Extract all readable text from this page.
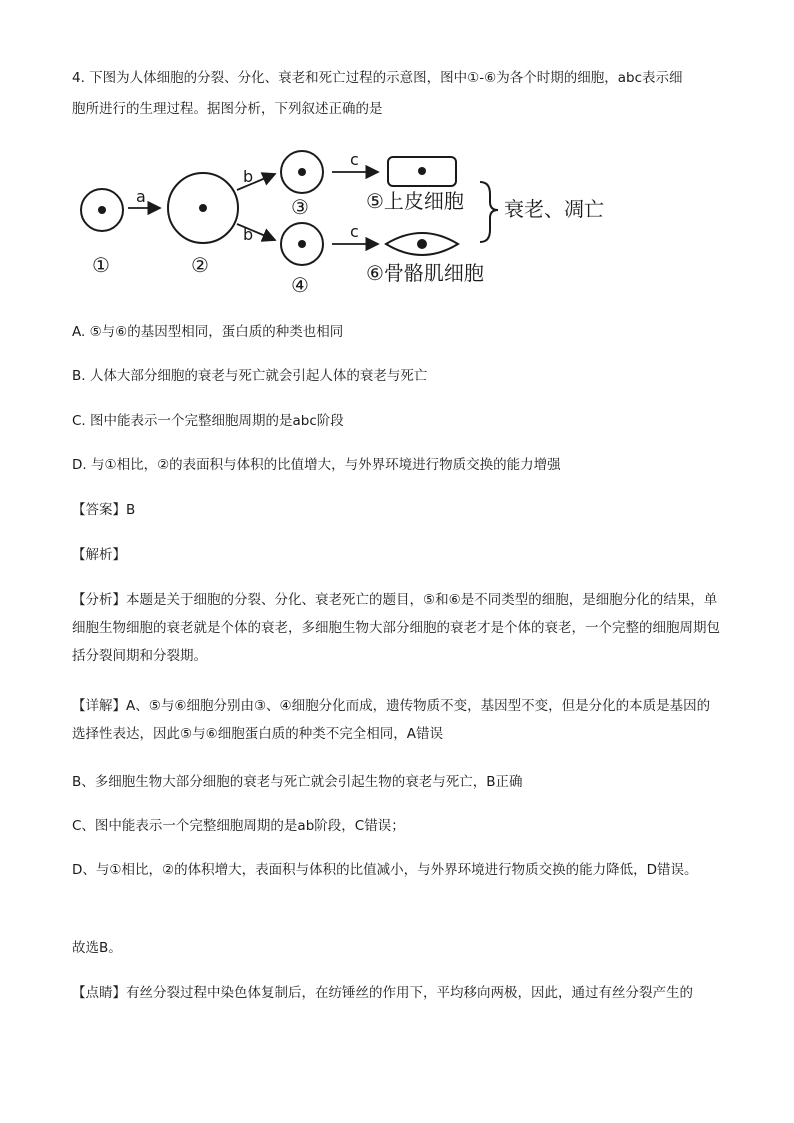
4. 下图为人体细胞的分裂、分化、衰老和死亡过程的示意图，图中①-⑥为各个时期的细胞，abc表示细
胞所进行的生理过程。据图分析，下列叙述正确的是
①
a
②
b
b
③
④
c
c
⑤上皮细胞
⑥骨骼肌细胞
衰老、凋亡
A. ⑤与⑥的基因型相同，蛋白质的种类也相同
B. 人体大部分细胞的衰老与死亡就会引起人体的衰老与死亡
C. 图中能表示一个完整细胞周期的是abc阶段
D. 与①相比，②的表面积与体积的比值增大，与外界环境进行物质交换的能力增强
【答案】B
【解析】
【分析】本题是关于细胞的分裂、分化、衰老死亡的题目，⑤和⑥是不同类型的细胞，是细胞分化的结果，单细胞生物细胞的衰老就是个体的衰老，多细胞生物大部分细胞的衰老才是个体的衰老，一个完整的细胞周期包括分裂间期和分裂期。
【详解】A、⑤与⑥细胞分别由③、④细胞分化而成，遗传物质不变，基因型不变，但是分化的本质是基因的选择性表达，因此⑤与⑥细胞蛋白质的种类不完全相同，A错误
B、多细胞生物大部分细胞的衰老与死亡就会引起生物的衰老与死亡，B正确
C、图中能表示一个完整细胞周期的是ab阶段，C错误；
D、与①相比，②的体积增大，表面积与体积的比值减小，与外界环境进行物质交换的能力降低，D错误。
故选B。
【点睛】有丝分裂过程中染色体复制后，在纺锤丝的作用下，平均移向两极，因此，通过有丝分裂产生的
